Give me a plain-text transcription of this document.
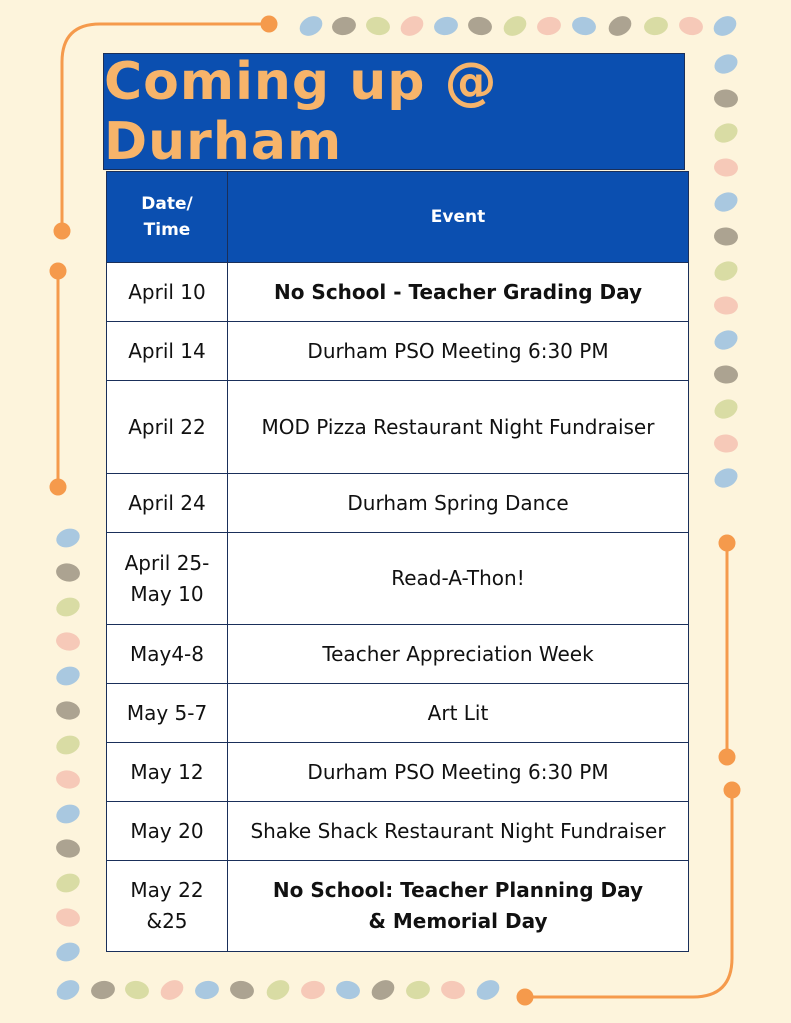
Coming up @ Durham
Date/
Time	Event
April 10	No School - Teacher Grading Day
April 14	Durham PSO Meeting 6:30 PM
April 22	MOD Pizza Restaurant Night Fundraiser
April 24	Durham Spring Dance
April 25-
May 10	Read-A-Thon!
May4-8	Teacher Appreciation Week
May 5-7	Art Lit
May 12	Durham PSO Meeting 6:30 PM
May 20	Shake Shack Restaurant Night Fundraiser
May 22
&25	No School: Teacher Planning Day
& Memorial Day
